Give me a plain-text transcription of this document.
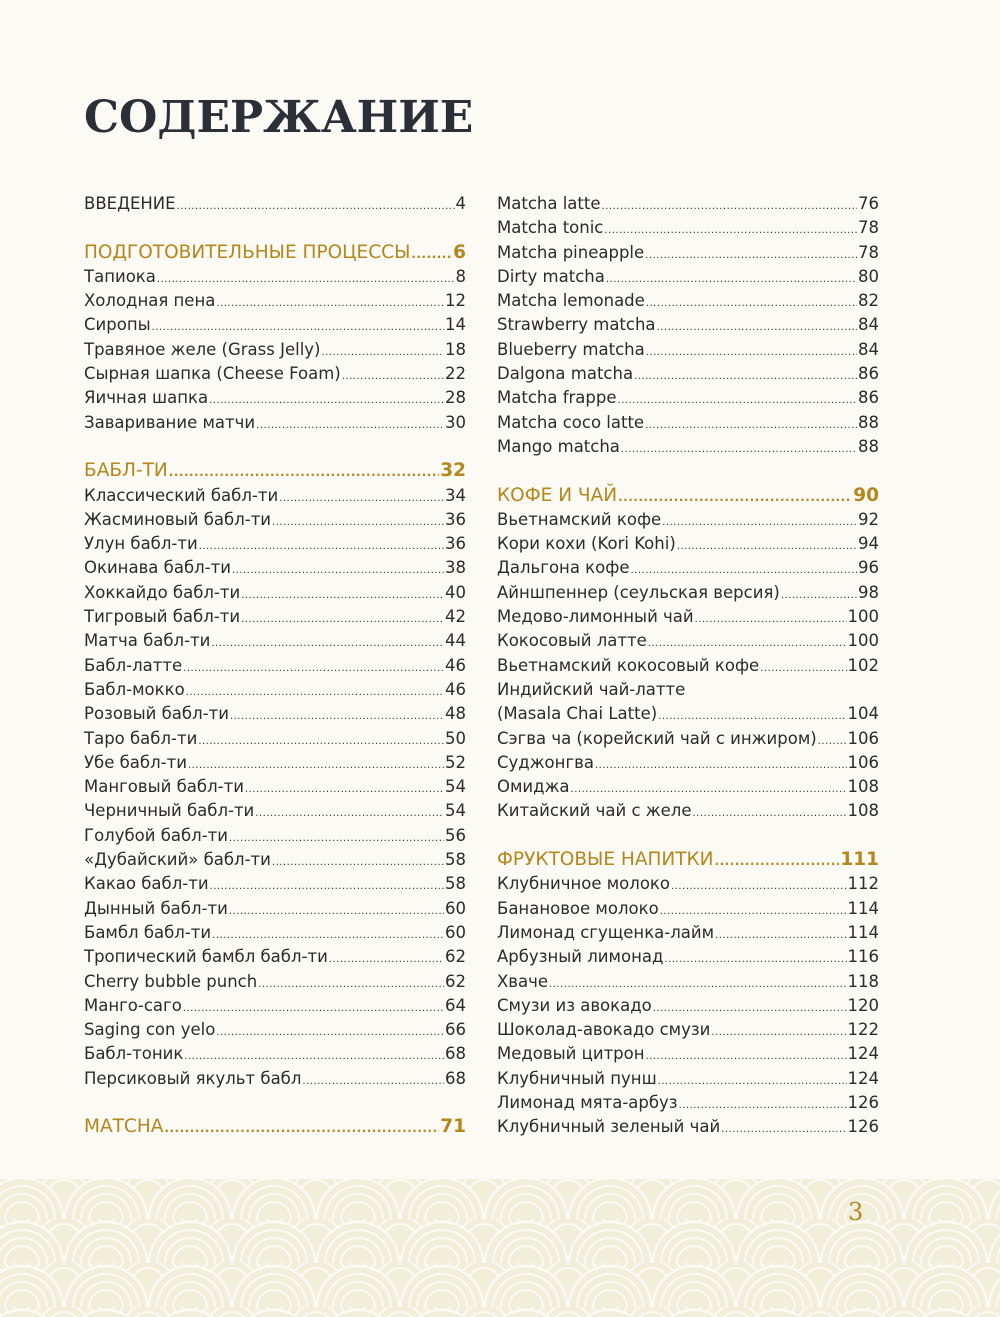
СОДЕРЖАНИЕ
ВВЕДЕНИЕ .....	4
ПОДГОТОВИТЕЛЬНЫЕ ПРОЦЕССЫ ..... 6
Тапиока .....	8
Холодная пена .....	12
Сиропы .....	14
Травяное желе (Grass Jelly) .....	18
Сырная шапка (Cheese Foam) .....	22
Яичная шапка .....	28
Заваривание матчи .....	30
БАБЛ-ТИ .....	32
Классический бабл-ти .....	34
Жасминовый бабл-ти .....	36
Улун бабл-ти .....	36
Окинава бабл-ти .....	38
Хоккайдо бабл-ти .....	40
Тигровый бабл-ти .....	42
Матча бабл-ти .....	44
Бабл-латте .....	46
Бабл-мокко .....	46
Розовый бабл-ти .....	48
Таро бабл-ти .....	50
Убе бабл-ти .....	52
Манговый бабл-ти .....	54
Черничный бабл-ти .....	54
Голубой бабл-ти .....	56
«Дубайский» бабл-ти .....	58
Какао бабл-ти .....	58
Дынный бабл-ти .....	60
Бамбл бабл-ти .....	60
Тропический бамбл бабл-ти .....	62
Cherry bubble punch .....	62
Манго-саго .....	64
Saging con yelo .....	66
Бабл-тоник .....	68
Персиковый якульт бабл .....	68
МАТСНА .....	71
Matcha latte .....	76
Matcha tonic .....	78
Matcha pineapple .....	78
Dirty matcha .....	80
Matcha lemonade .....	82
Strawberry matcha .....	84
Blueberry matcha .....	84
Dalgona matcha .....	86
Matcha frappe .....	86
Matcha coco latte .....	88
Mango matcha .....	88
КОФЕ И ЧАЙ .....	90
Вьетнамский кофе .....	92
Кори кохи (Kori Kohi) .....	94
Дальгона кофе .....	96
Айншпеннер (сеульская версия) .....	98
Медово-лимонный чай .....	100
Кокосовый латте .....	100
Вьетнамский кокосовый кофе .....	102
Индийский чай-латте
(Masala Chai Latte) .....	104
Сэгва ча (корейский чай с инжиром) ..... 106
Суджонгва .....	106
Омиджа .....	108
Китайский чай с желе .....	108
ФРУКТОВЫЕ НАПИТКИ .....	111
Клубничное молоко .....	112
Банановое молоко .....	114
Лимонад сгущенка-лайм .....	114
Арбузный лимонад .....	116
Хваче .....	118
Смузи из авокадо .....	120
Шоколад-авокадо смузи .....	122
Медовый цитрон .....	124
Клубничный пунш .....	124
Лимонад мята-арбуз .....	126
Клубничный зеленый чай .....	126
3
